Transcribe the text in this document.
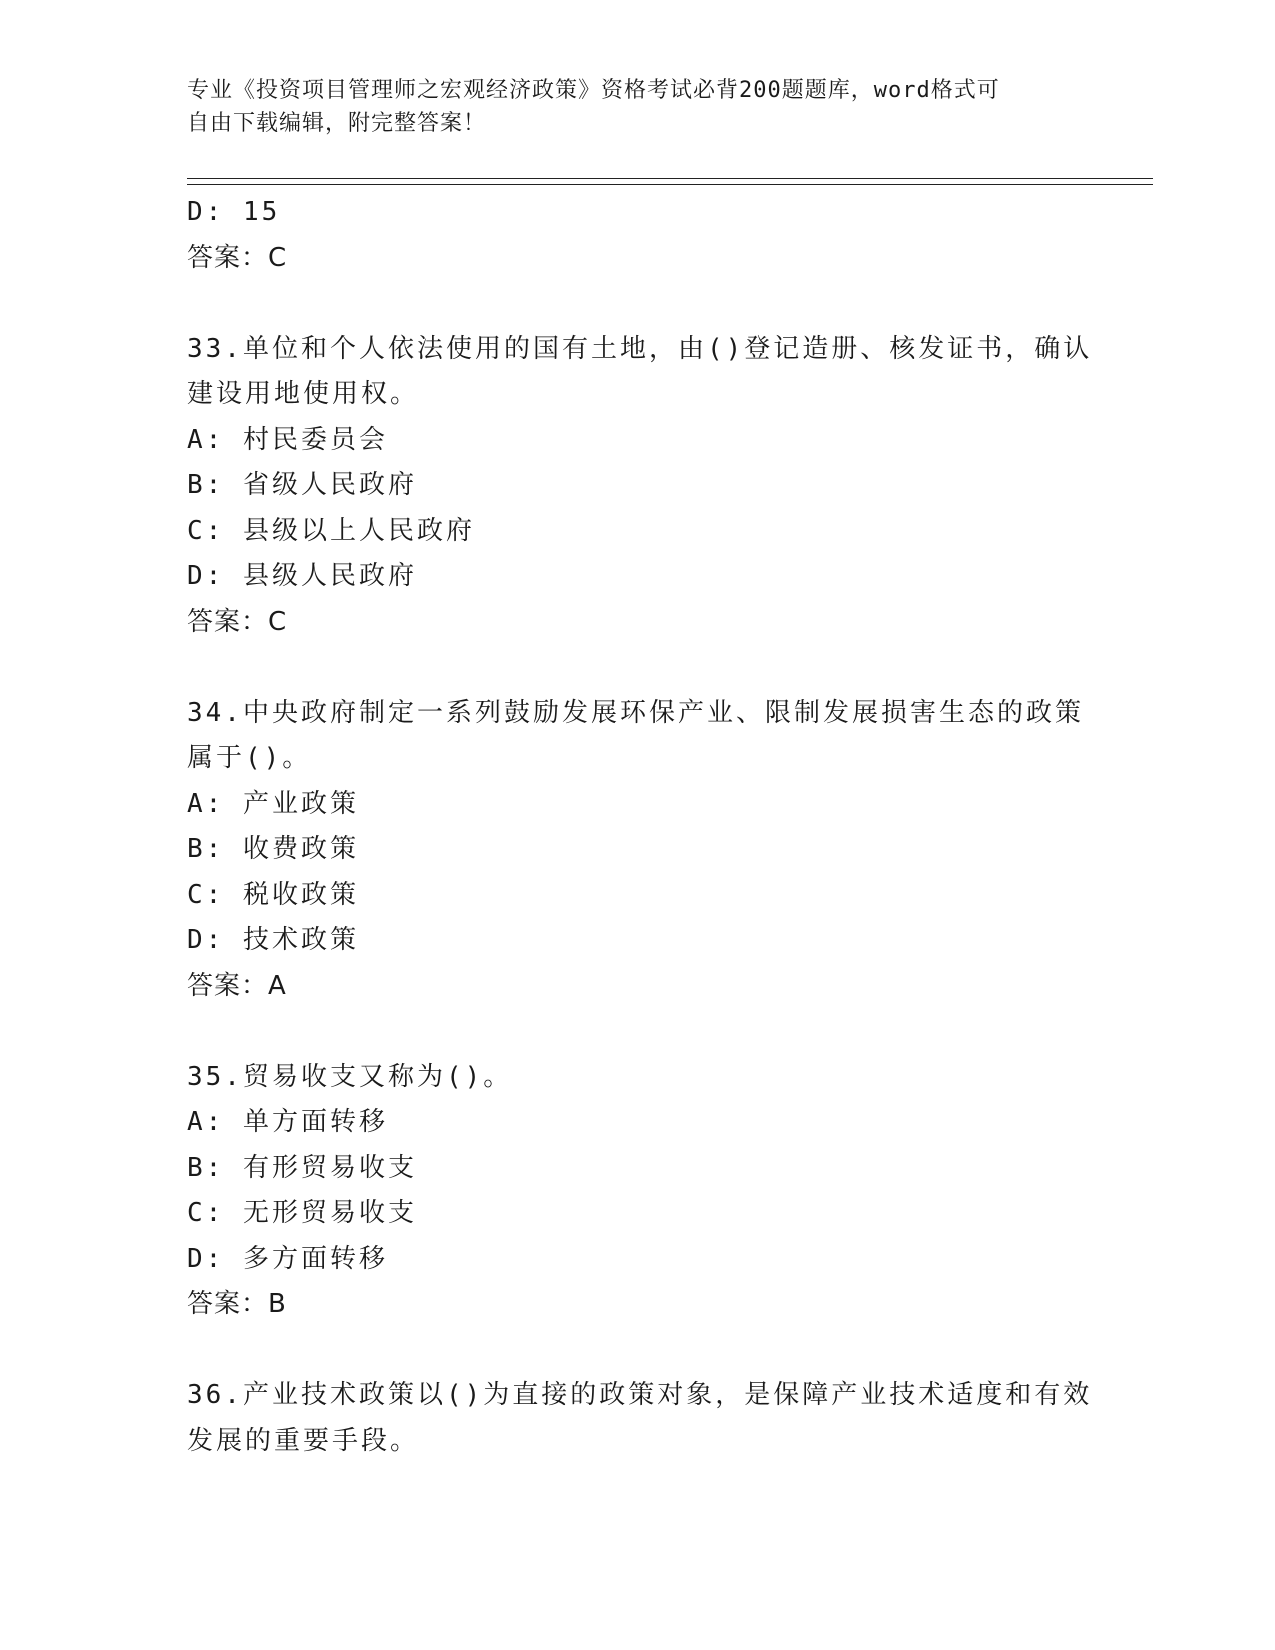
专业《投资项目管理师之宏观经济政策》资格考试必背200题题库，word格式可
自由下载编辑，附完整答案！
D: 15
答案：C
33.单位和个人依法使用的国有土地，由()登记造册、核发证书，确认
建设用地使用权。
A: 村民委员会
B: 省级人民政府
C: 县级以上人民政府
D: 县级人民政府
答案：C
34.中央政府制定一系列鼓励发展环保产业、限制发展损害生态的政策
属于()。
A: 产业政策
B: 收费政策
C: 税收政策
D: 技术政策
答案：A
35.贸易收支又称为()。
A: 单方面转移
B: 有形贸易收支
C: 无形贸易收支
D: 多方面转移
答案：B
36.产业技术政策以()为直接的政策对象，是保障产业技术适度和有效
发展的重要手段。
